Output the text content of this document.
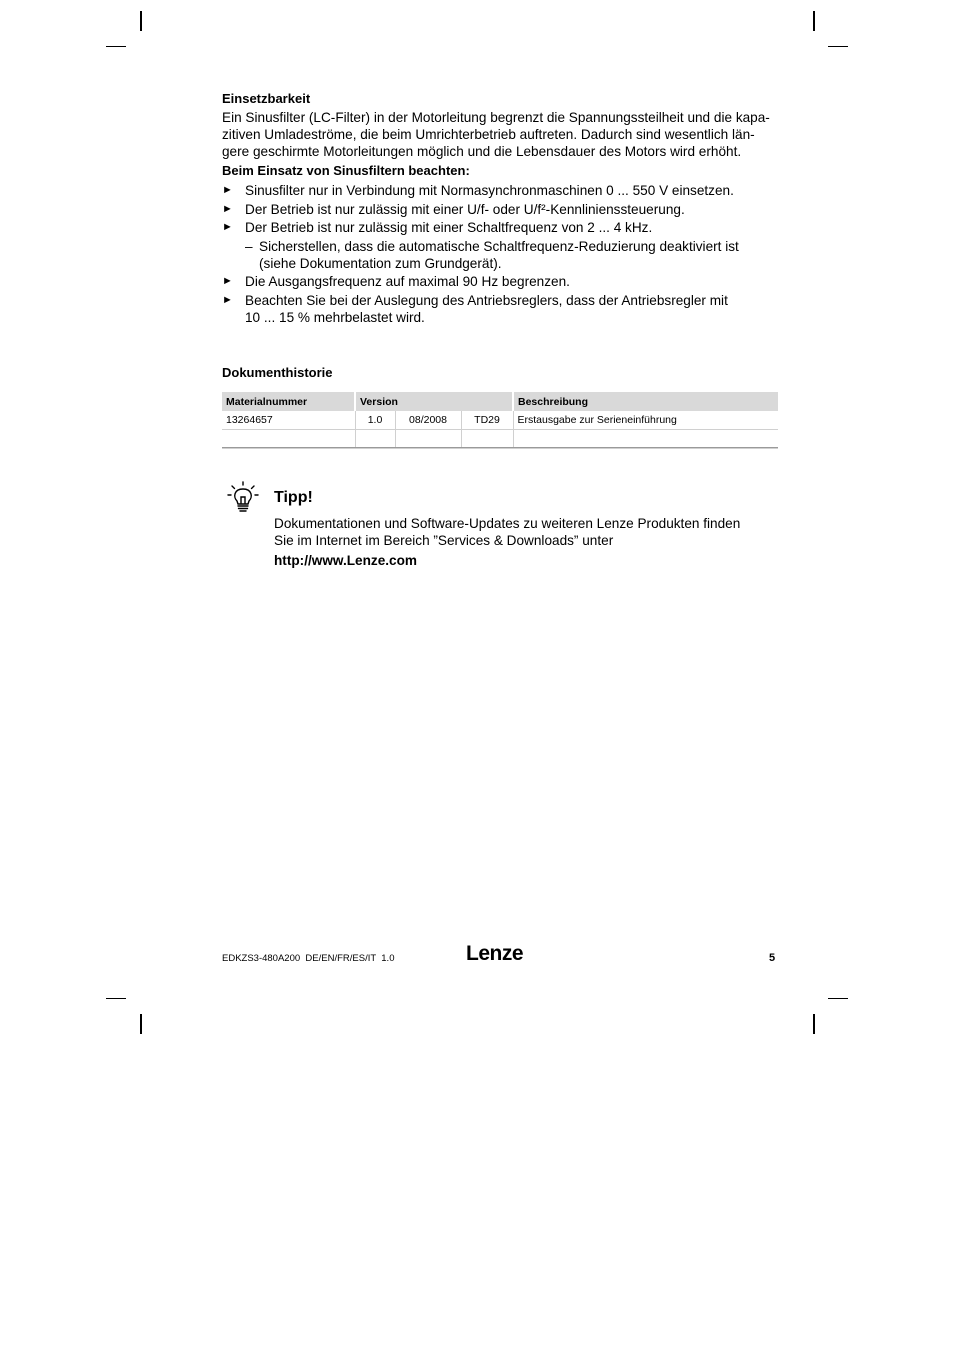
Einsetzbarkeit
Ein Sinusfilter (LC-Filter) in der Motorleitung begrenzt die Spannungssteilheit und die kapa-
zitiven Umladeströme, die beim Umrichterbetrieb auftreten. Dadurch sind wesentlich län-
gere geschirmte Motorleitungen möglich und die Lebensdauer des Motors wird erhöht.
Beim Einsatz von Sinusfiltern beachten:
► Sinusfilter nur in Verbindung mit Normasynchronmaschinen 0 ... 550 V einsetzen.
► Der Betrieb ist nur zulässig mit einer U/f- oder U/f²-Kennlinienssteuerung.
► Der Betrieb ist nur zulässig mit einer Schaltfrequenz von 2 ... 4 kHz.
– Sicherstellen, dass die automatische Schaltfrequenz-Reduzierung deaktiviert ist
(siehe Dokumentation zum Grundgerät).
► Die Ausgangsfrequenz auf maximal 90 Hz begrenzen.
► Beachten Sie bei der Auslegung des Antriebsreglers, dass der Antriebsregler mit
10 ... 15 % mehrbelastet wird.
Dokumenthistorie
Materialnummer	Version			Beschreibung
13264657	1.0	08/2008	TD29	Erstausgabe zur Serieneinführung

Tipp!
Dokumentationen und Software-Updates zu weiteren Lenze Produkten finden
Sie im Internet im Bereich ”Services & Downloads” unter
http://www.Lenze.com
EDKZS3-480A200  DE/EN/FR/ES/IT  1.0	Lenze	5
